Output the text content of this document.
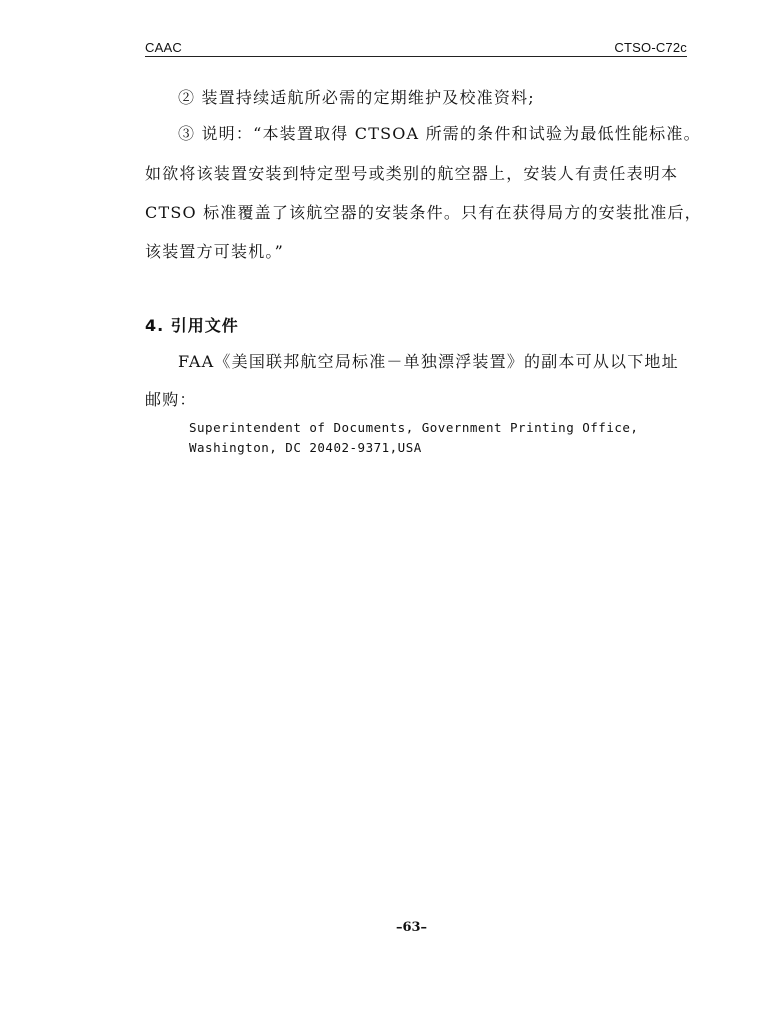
CAAC	CTSO-C72c
② 装置持续适航所必需的定期维护及校准资料;
③ 说明：“本装置取得 CTSOA 所需的条件和试验为最低性能标准。
如欲将该装置安装到特定型号或类别的航空器上，安装人有责任表明本
CTSO 标准覆盖了该航空器的安装条件。只有在获得局方的安装批准后，
该装置方可装机。”
4. 引用文件
FAA《美国联邦航空局标准－单独漂浮装置》的副本可从以下地址
邮购：
Superintendent of Documents, Government Printing Office,
Washington, DC 20402-9371,USA
–63–
